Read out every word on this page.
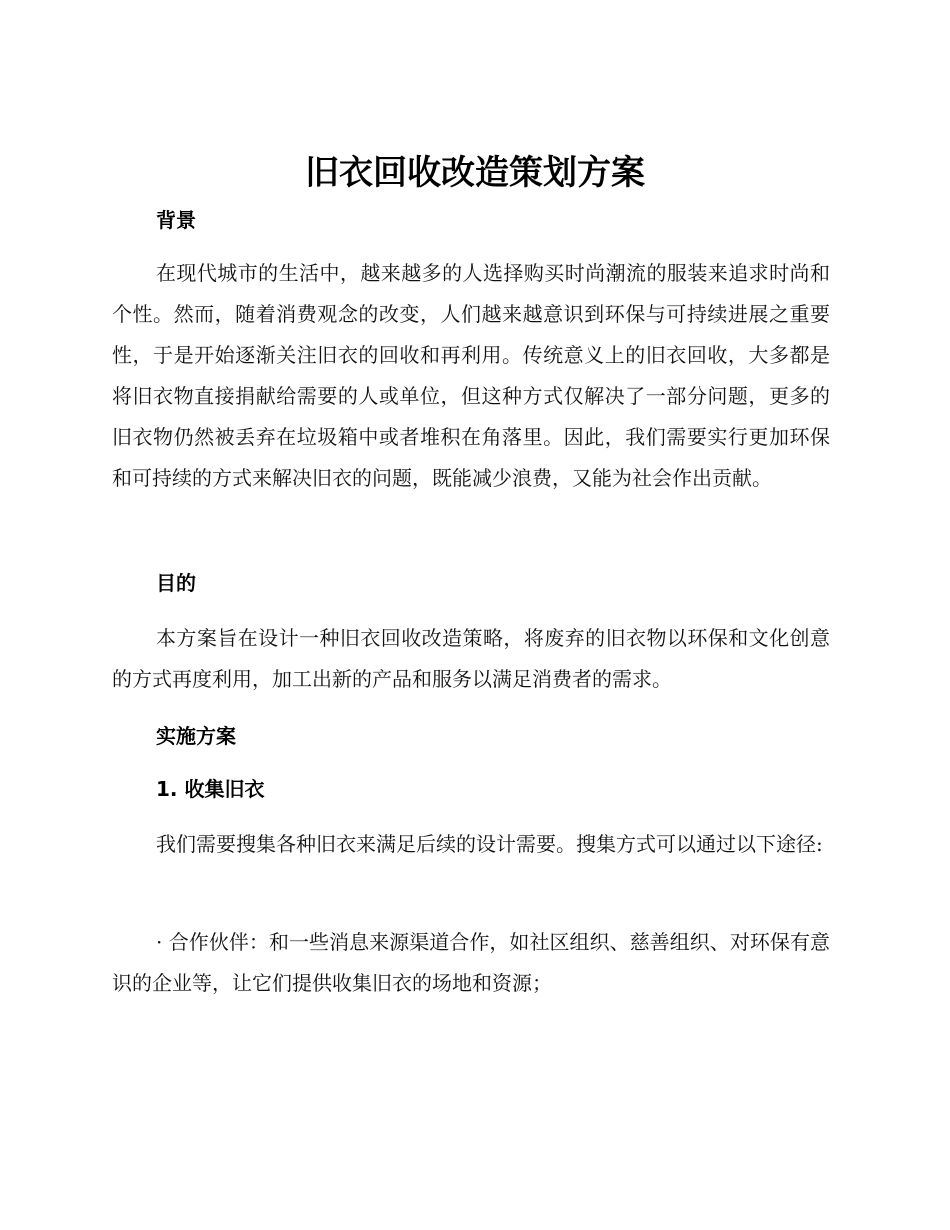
旧衣回收改造策划方案
背景

在现代城市的生活中，越来越多的人选择购买时尚潮流的服装来追求时尚和个性。然而，随着消费观念的改变，人们越来越意识到环保与可持续进展之重要性，于是开始逐渐关注旧衣的回收和再利用。传统意义上的旧衣回收，大多都是将旧衣物直接捐献给需要的人或单位，但这种方式仅解决了一部分问题，更多的旧衣物仍然被丢弃在垃圾箱中或者堆积在角落里。因此，我们需要实行更加环保和可持续的方式来解决旧衣的问题，既能减少浪费，又能为社会作出贡献。

目的

本方案旨在设计一种旧衣回收改造策略，将废弃的旧衣物以环保和文化创意的方式再度利用，加工出新的产品和服务以满足消费者的需求。

实施方案
1. 收集旧衣

我们需要搜集各种旧衣来满足后续的设计需要。搜集方式可以通过以下途径:

· 合作伙伴：和一些消息来源渠道合作，如社区组织、慈善组织、对环保有意识的企业等，让它们提供收集旧衣的场地和资源；
